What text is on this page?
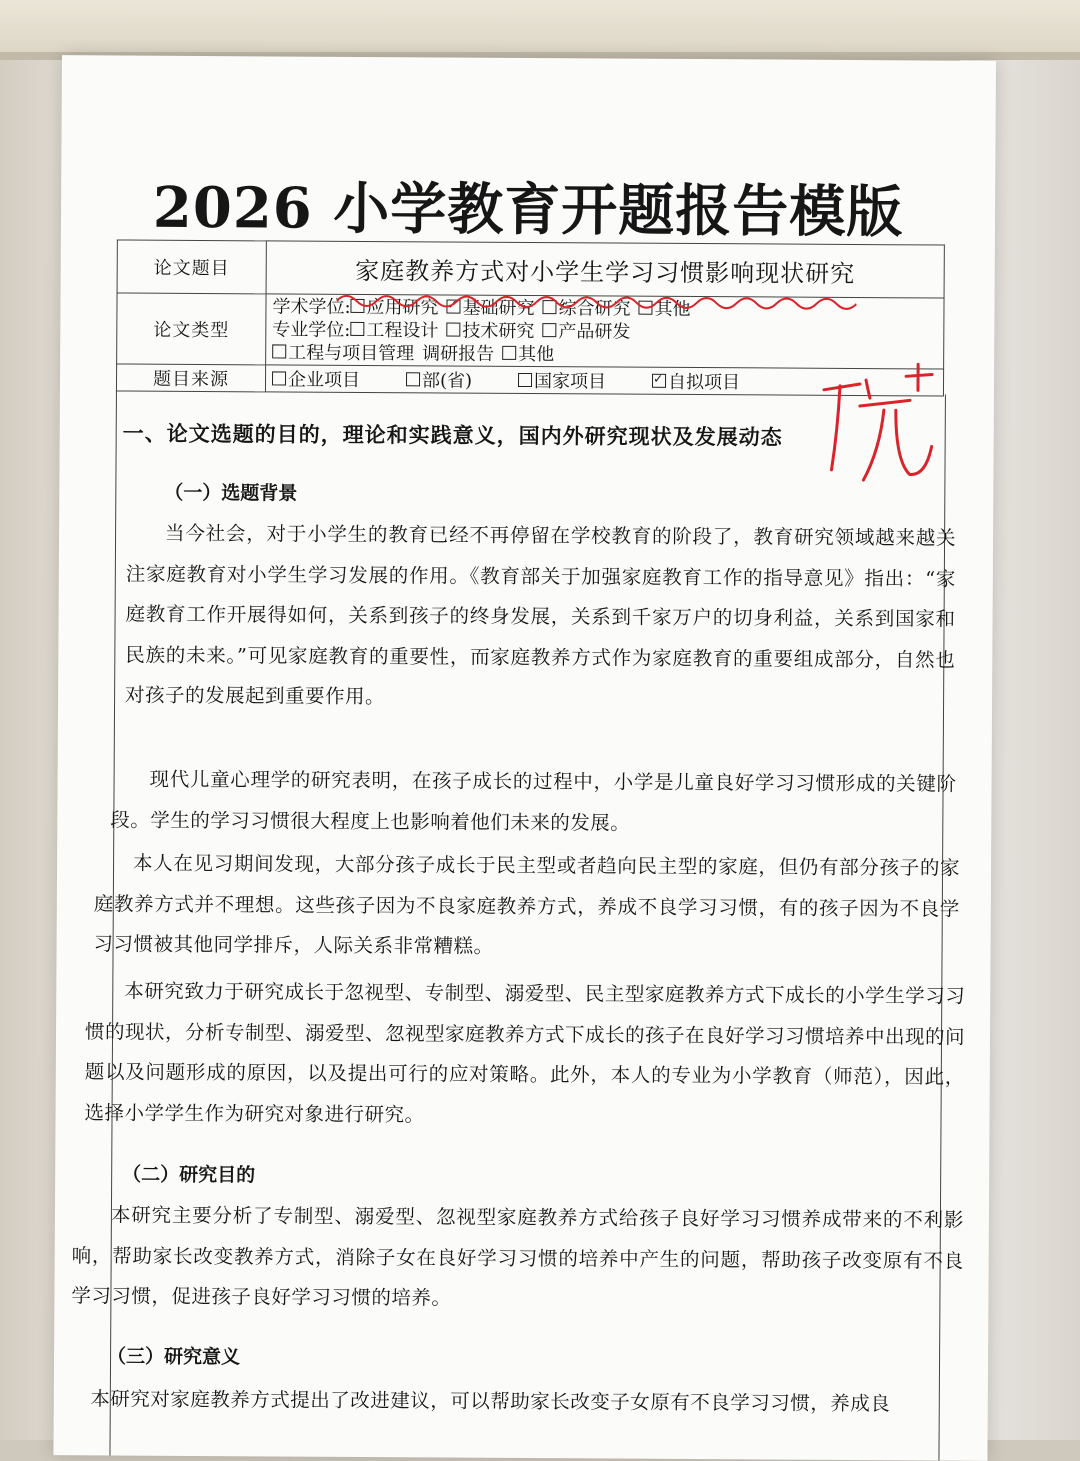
2026 小学教育开题报告模版
论文题目	家庭教养方式对小学生学习习惯影响现状研究

论文类型	学术学位: 应用研究 ✓ 基础研究 综合研究 其他
专业学位: 工程设计 技术研究 产品研发
工程与项目管理 调研报告 其他

题目来源	企业项目 部(省) 国家项目 ✓ 自拟项目
一、论文选题的目的，理论和实践意义，国内外研究现状及发展动态
（一）选题背景

当今社会，对于小学生的教育已经不再停留在学校教育的阶段了，教育研究领域越来越关注家庭教育对小学生学习发展的作用。《教育部关于加强家庭教育工作的指导意见》指出：“家庭教育工作开展得如何，关系到孩子的终身发展，关系到千家万户的切身利益，关系到国家和民族的未来。”可见家庭教育的重要性，而家庭教养方式作为家庭教育的重要组成部分，自然也对孩子的发展起到重要作用。

现代儿童心理学的研究表明，在孩子成长的过程中，小学是儿童良好学习习惯形成的关键阶段。学生的学习习惯很大程度上也影响着他们未来的发展。

本人在见习期间发现，大部分孩子成长于民主型或者趋向民主型的家庭，但仍有部分孩子的家庭教养方式并不理想。这些孩子因为不良家庭教养方式，养成不良学习习惯，有的孩子因为不良学习习惯被其他同学排斥，人际关系非常糟糕。

本研究致力于研究成长于忽视型、专制型、溺爱型、民主型家庭教养方式下成长的小学生学习习惯的现状，分析专制型、溺爱型、忽视型家庭教养方式下成长的孩子在良好学习习惯培养中出现的问题以及问题形成的原因，以及提出可行的应对策略。此外，本人的专业为小学教育（师范），因此，选择小学学生作为研究对象进行研究。

（二）研究目的

本研究主要分析了专制型、溺爱型、忽视型家庭教养方式给孩子良好学习习惯养成带来的不利影响，帮助家长改变教养方式，消除子女在良好学习习惯的培养中产生的问题，帮助孩子改变原有不良学习习惯，促进孩子良好学习习惯的培养。

（三）研究意义

本研究对家庭教养方式提出了改进建议，可以帮助家长改变子女原有不良学习习惯，养成良
